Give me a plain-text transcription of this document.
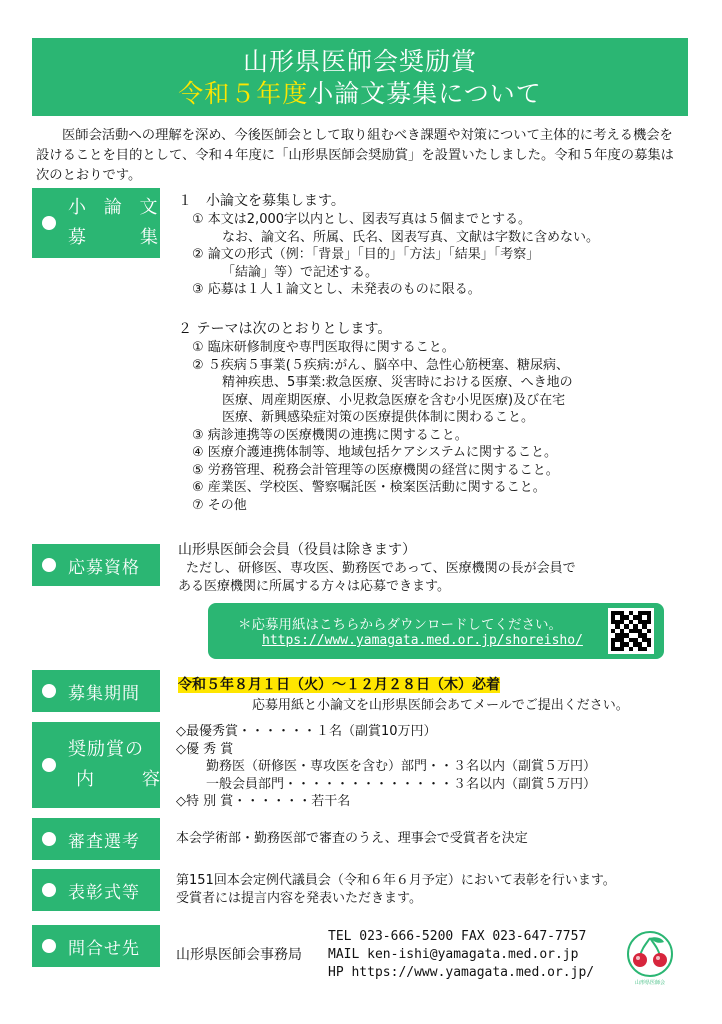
山形県医師会奨励賞
令和５年度小論文募集について

医師会活動への理解を深め、今後医師会として取り組むべき課題や対策について主体的に考える機会を設けることを目的として、令和４年度に「山形県医師会奨励賞」を設置いたしました。令和５年度の募集は次のとおりです。

小 論 文
募　　集
１　小論文を募集します。
① 本文は2,000字以内とし、図表写真は５個までとする。
なお、論文名、所属、氏名、図表写真、文献は字数に含めない。
② 論文の形式（例：「背景」「目的」「方法」「結果」「考察」
「結論」等）で記述する。
③ 応募は１人１論文とし、未発表のものに限る。
２ テーマは次のとおりとします。
① 臨床研修制度や専門医取得に関すること。
② ５疾病５事業(５疾病:がん、脳卒中、急性心筋梗塞、糖尿病、
精神疾患、5事業:救急医療、災害時における医療、へき地の
医療、周産期医療、小児救急医療を含む小児医療)及び在宅
医療、新興感染症対策の医療提供体制に関わること。
③ 病診連携等の医療機関の連携に関すること。
④ 医療介護連携体制等、地域包括ケアシステムに関すること。
⑤ 労務管理、税務会計管理等の医療機関の経営に関すること。
⑥ 産業医、学校医、警察嘱託医・検案医活動に関すること。
⑦ その他
応募資格
山形県医師会会員（役員は除きます）
ただし、研修医、専攻医、勤務医であって、医療機関の長が会員で
ある医療機関に所属する方々は応募できます。
＊応募用紙はこちらからダウンロードしてください。
https://www.yamagata.med.or.jp/shoreisho/
募集期間	令和５年８月１日（火）～１２月２８日（木）必着
応募用紙と小論文を山形県医師会あてメールでご提出ください。
奨励賞の
内　　容
◇最優秀賞・・・・・・１名（副賞10万円）
◇優 秀 賞
勤務医（研修医・専攻医を含む）部門・・３名以内（副賞５万円）
一般会員部門・・・・・・・・・・・・・３名以内（副賞５万円）
◇特 別 賞・・・・・・若干名
審査選考	本会学術部・勤務医部で審査のうえ、理事会で受賞者を決定
表彰式等
第151回本会定例代議員会（令和６年６月予定）において表彰を行います。
受賞者には提言内容を発表いただきます。
問合せ先	山形県医師会事務局
TEL 023-666-5200 FAX 023-647-7757
MAIL ken-ishi@yamagata.med.or.jp
HP https://www.yamagata.med.or.jp/
山形県医師会
